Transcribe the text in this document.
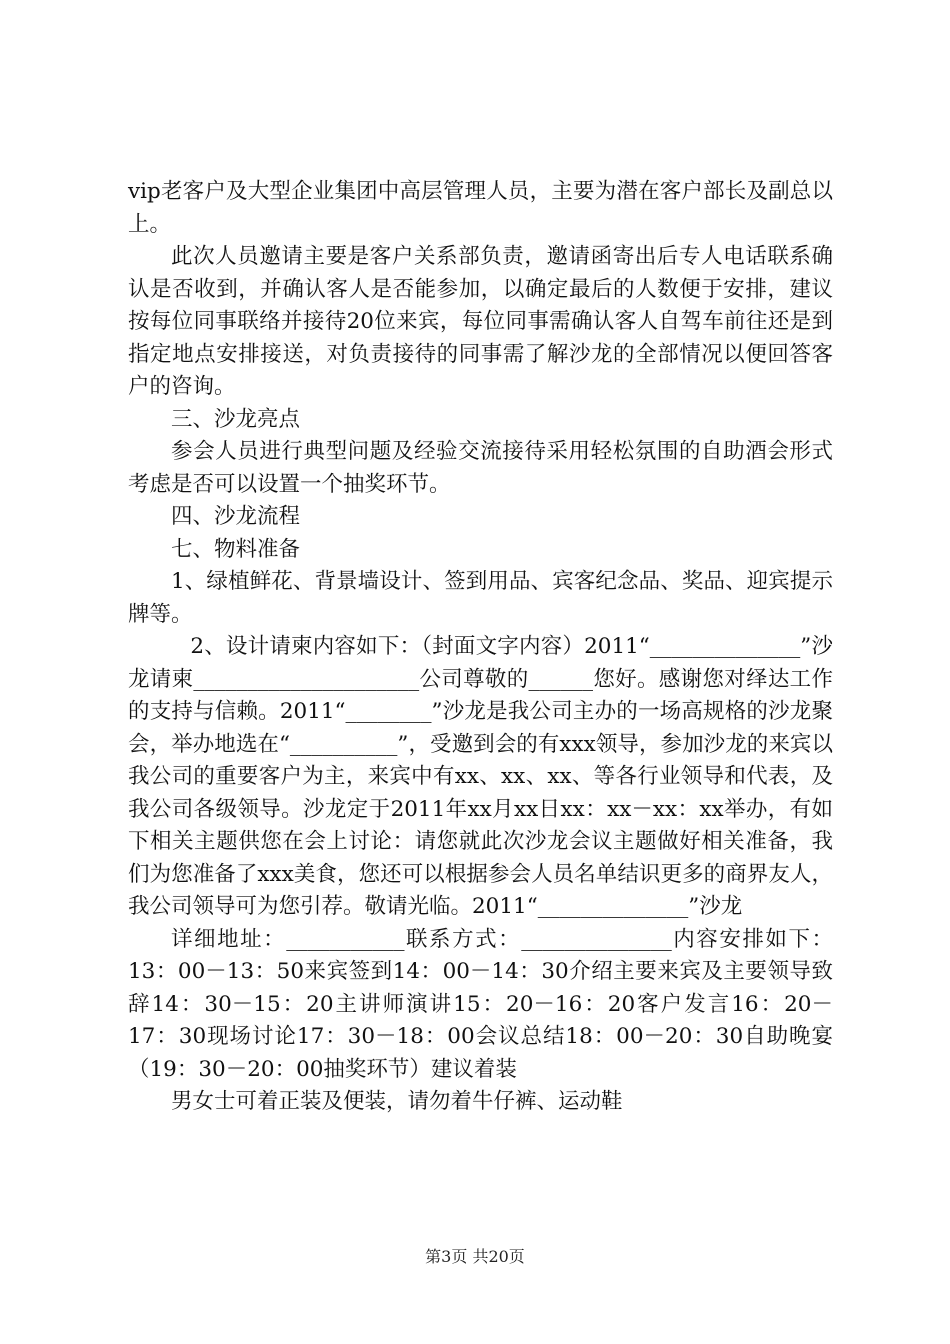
vip老客户及大型企业集团中高层管理人员，主要为潜在客户部长及副总以上。

此次人员邀请主要是客户关系部负责，邀请函寄出后专人电话联系确认是否收到，并确认客人是否能参加，以确定最后的人数便于安排，建议按每位同事联络并接待20位来宾，每位同事需确认客人自驾车前往还是到指定地点安排接送，对负责接待的同事需了解沙龙的全部情况以便回答客户的咨询。

三、沙龙亮点

参会人员进行典型问题及经验交流接待采用轻松氛围的自助酒会形式考虑是否可以设置一个抽奖环节。

四、沙龙流程

七、物料准备

1、绿植鲜花、背景墙设计、签到用品、宾客纪念品、奖品、迎宾提示牌等。

2、设计请柬内容如下：（封面文字内容）2011“______________”沙龙请柬_____________________公司尊敬的______您好。感谢您对绎达工作的支持与信赖。2011“________”沙龙是我公司主办的一场高规格的沙龙聚会，举办地选在“__________”，受邀到会的有xxx领导，参加沙龙的来宾以我公司的重要客户为主，来宾中有xx、xx、xx、等各行业领导和代表，及我公司各级领导。沙龙定于2011年xx月xx日xx：xx－xx：xx举办，有如下相关主题供您在会上讨论：请您就此次沙龙会议主题做好相关准备，我们为您准备了xxx美食，您还可以根据参会人员名单结识更多的商界友人，我公司领导可为您引荐。敬请光临。2011“______________”沙龙

详细地址：___________联系方式：______________内容安排如下：13：00－13：50来宾签到14：00－14：30介绍主要来宾及主要领导致辞14：30－15：20主讲师演讲15：20－16：20客户发言16：20－17：30现场讨论17：30－18：00会议总结18：00－20：30自助晚宴（19：30－20：00抽奖环节）建议着装

男女士可着正装及便装，请勿着牛仔裤、运动鞋

第3页 共20页
